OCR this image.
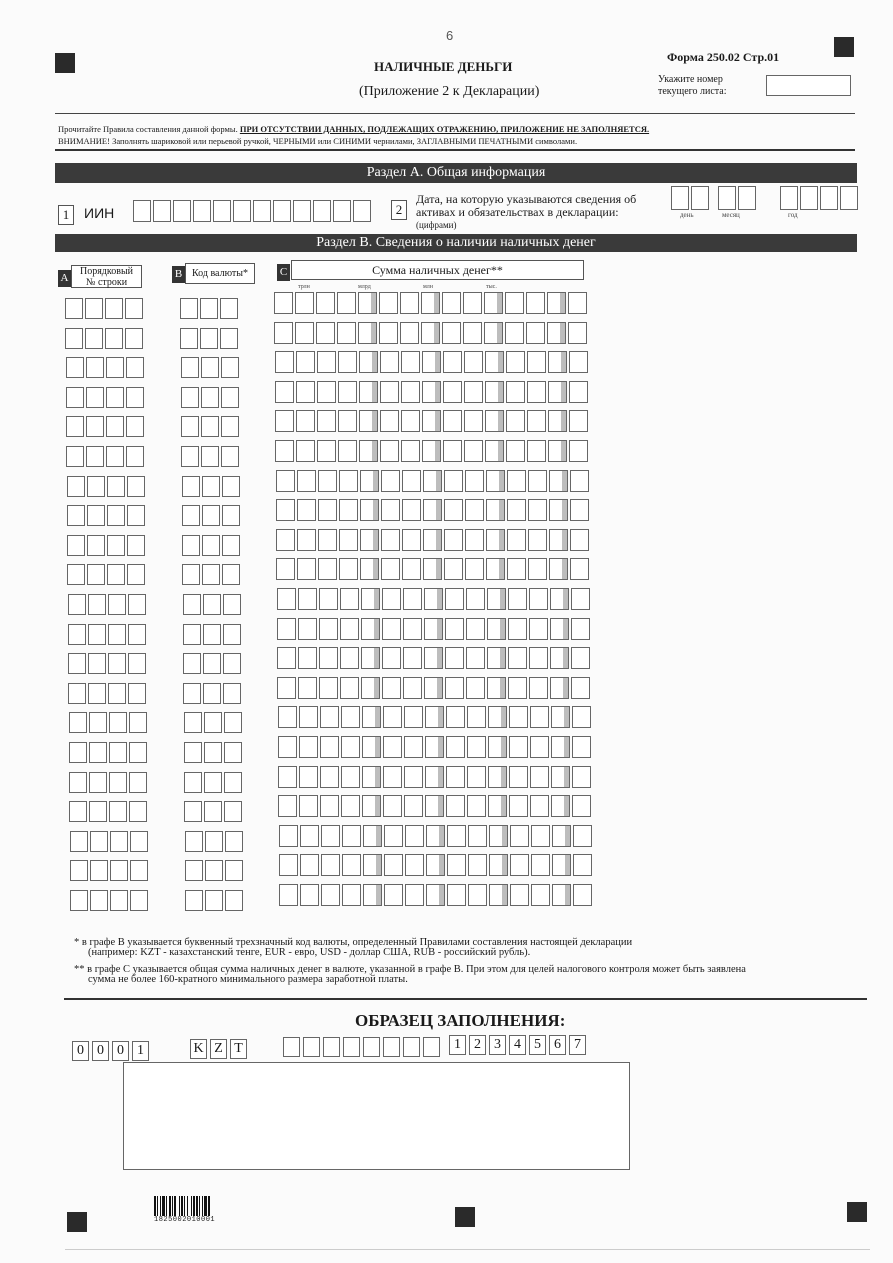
6
Форма 250.02 Стр.01
Укажите номер
текущего листа:
НАЛИЧНЫЕ ДЕНЬГИ
(Приложение 2 к Декларации)
Прочитайте Правила составления данной формы. ПРИ ОТСУТСТВИИ ДАННЫХ, ПОДЛЕЖАЩИХ ОТРАЖЕНИЮ, ПРИЛОЖЕНИЕ НЕ ЗАПОЛНЯЕТСЯ.
ВНИМАНИЕ! Заполнять шариковой или перьевой ручкой, ЧЕРНЫМИ или СИНИМИ чернилами, ЗАГЛАВНЫМИ ПЕЧАТНЫМИ символами.
Раздел А. Общая информация
1	ИИН	2
Дата, на которую указываются сведения об
активах и обязательствах в декларации:
(цифрами)
день	месяц	год
Раздел В. Сведения о наличии наличных денег
A
Порядковый
№ строки
B Код валюты*	C	Сумма наличных денег**
трлн	млрд	млн	тыс.
* в графе В указывается буквенный трехзначный код валюты, определенный Правилами составления настоящей декларации
(например: KZT - казахстанский тенге, EUR - евро, USD - доллар США, RUB - российский рубль).
** в графе С указывается общая сумма наличных денег в валюте, указанной в графе В. При этом для целей налогового контроля может быть заявлена
сумма не более 160-кратного минимального размера заработной платы.
ОБРАЗЕЦ ЗАПОЛНЕНИЯ:
0 0 0 1	K Z T	1 2 3 4 5 6 7
1825002010001
